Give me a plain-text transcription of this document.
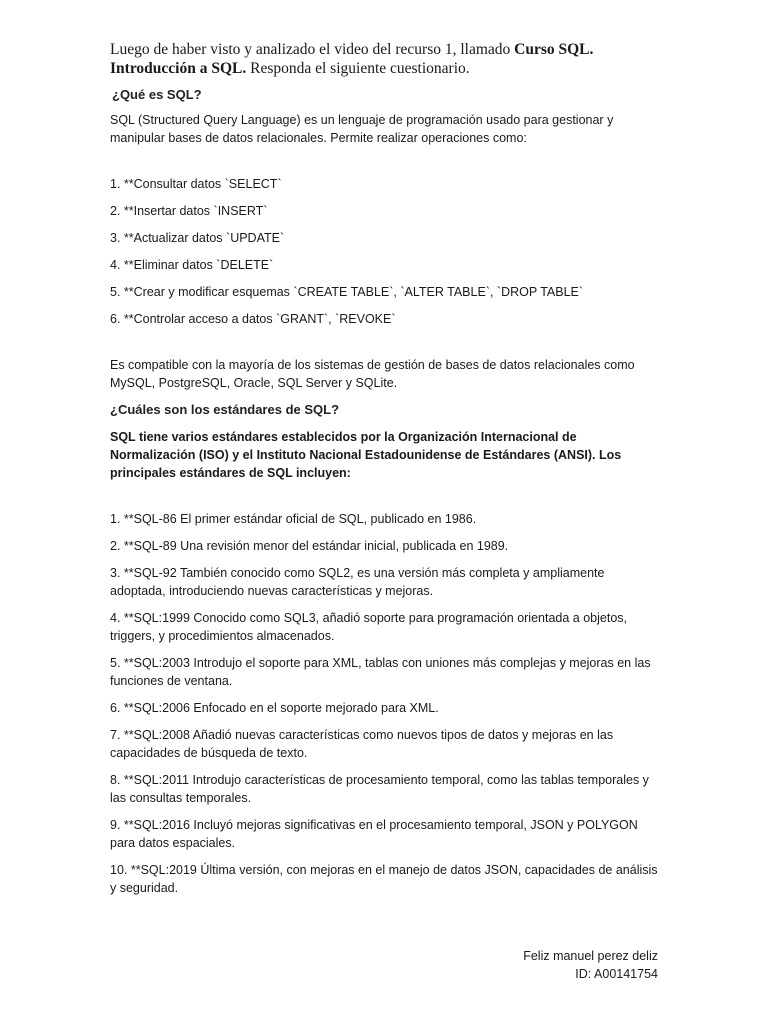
Luego de haber visto y analizado el video del recurso 1, llamado Curso SQL.
Introducción a SQL. Responda el siguiente cuestionario.

¿Qué es SQL?

SQL (Structured Query Language) es un lenguaje de programación usado para gestionar y manipular bases de datos relacionales. Permite realizar operaciones como:

1. **Consultar datos `SELECT`

2. **Insertar datos `INSERT`

3. **Actualizar datos `UPDATE`

4. **Eliminar datos `DELETE`

5. **Crear y modificar esquemas `CREATE TABLE`, `ALTER TABLE`, `DROP TABLE`

6. **Controlar acceso a datos `GRANT`, `REVOKE`

Es compatible con la mayoría de los sistemas de gestión de bases de datos relacionales como MySQL, PostgreSQL, Oracle, SQL Server y SQLite.

¿Cuáles son los estándares de SQL?

SQL tiene varios estándares establecidos por la Organización Internacional de Normalización (ISO) y el Instituto Nacional Estadounidense de Estándares (ANSI). Los principales estándares de SQL incluyen:

1. **SQL-86 El primer estándar oficial de SQL, publicado en 1986.

2. **SQL-89 Una revisión menor del estándar inicial, publicada en 1989.

3. **SQL-92 También conocido como SQL2, es una versión más completa y ampliamente adoptada, introduciendo nuevas características y mejoras.

4. **SQL:1999 Conocido como SQL3, añadió soporte para programación orientada a objetos, triggers, y procedimientos almacenados.

5. **SQL:2003 Introdujo el soporte para XML, tablas con uniones más complejas y mejoras en las funciones de ventana.

6. **SQL:2006 Enfocado en el soporte mejorado para XML.

7. **SQL:2008 Añadió nuevas características como nuevos tipos de datos y mejoras en las capacidades de búsqueda de texto.

8. **SQL:2011 Introdujo características de procesamiento temporal, como las tablas temporales y las consultas temporales.

9. **SQL:2016 Incluyó mejoras significativas en el procesamiento temporal, JSON y POLYGON para datos espaciales.

10. **SQL:2019 Última versión, con mejoras en el manejo de datos JSON, capacidades de análisis y seguridad.

Feliz manuel perez deliz
ID: A00141754
